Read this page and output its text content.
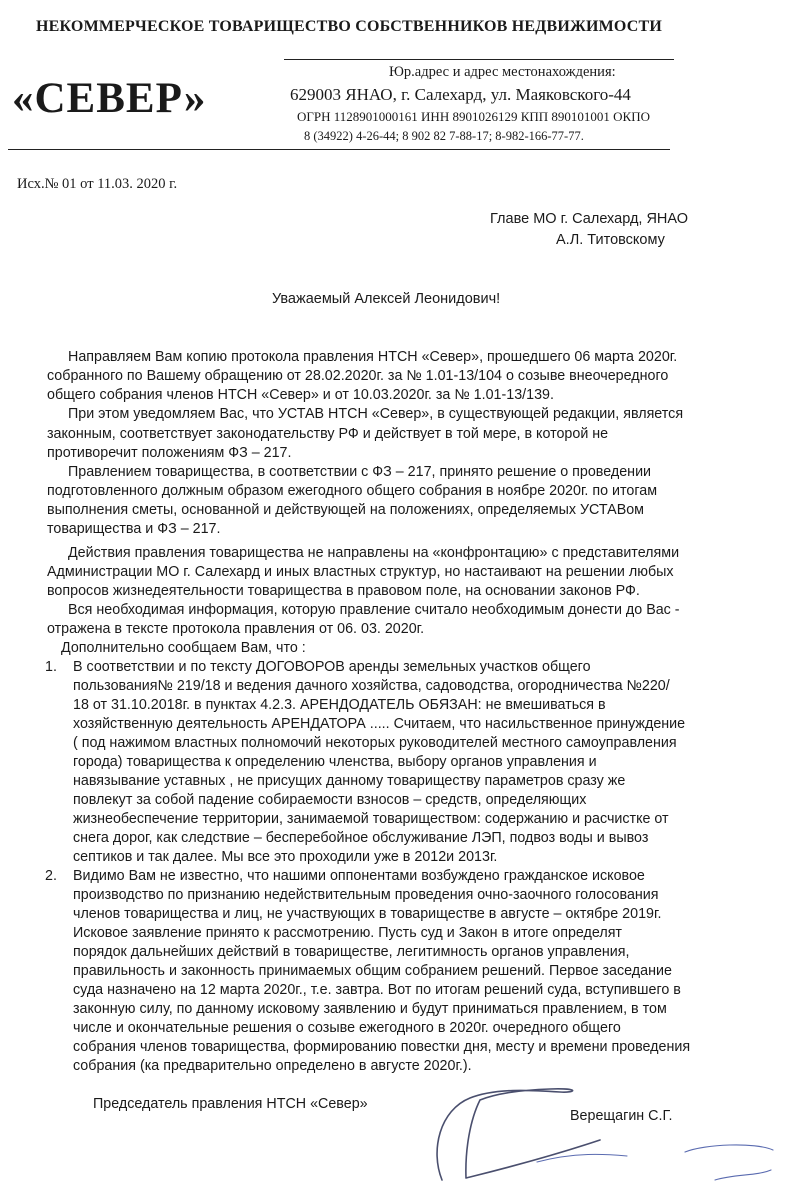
НЕКОММЕРЧЕСКОЕ ТОВАРИЩЕСТВО СОБСТВЕННИКОВ НЕДВИЖИМОСТИ
«СЕВЕР»
Юр.адрес и адрес местонахождения:
629003 ЯНАО, г. Салехард, ул. Маяковского-44
ОГРН 1128901000161 ИНН 8901026129 КПП 890101001 ОКПО
8 (34922) 4-26-44; 8 902 82 7-88-17; 8-982-166-77-77.
Исх.№ 01 от 11.03. 2020 г.
Главе МО г. Салехард, ЯНАО
А.Л. Титовскому
Уважаемый Алексей Леонидович!
Направляем Вам копию протокола правления НТСН «Север», прошедшего 06 марта 2020г.
собранного по Вашему обращению от 28.02.2020г. за № 1.01-13/104 о созыве внеочередного
общего собрания членов НТСН «Север» и от 10.03.2020г. за № 1.01-13/139.
При этом уведомляем Вас, что УСТАВ НТСН «Север», в существующей редакции, является
законным, соответствует законодательству РФ и действует в той мере, в которой не
противоречит положениям ФЗ – 217.
Правлением товарищества, в соответствии с ФЗ – 217, принято решение о проведении
подготовленного должным образом ежегодного общего собрания в ноябре 2020г. по итогам
выполнения сметы, основанной и действующей на положениях, определяемых УСТАВом
товарищества и ФЗ – 217.
Действия правления товарищества не направлены на «конфронтацию» с представителями
Администрации МО г. Салехард и иных властных структур, но настаивают на решении любых
вопросов жизнедеятельности товарищества в правовом поле, на основании законов РФ.
Вся необходимая информация, которую правление считало необходимым донести до Вас -
отражена в тексте протокола правления от 06. 03. 2020г.
Дополнительно сообщаем Вам, что :
1. В соответствии и по тексту ДОГОВОРОВ аренды земельных участков общего
пользования№ 219/18 и ведения дачного хозяйства, садоводства, огородничества №220/
18 от 31.10.2018г. в пунктах 4.2.3. АРЕНДОДАТЕЛЬ ОБЯЗАН: не вмешиваться в
хозяйственную деятельность АРЕНДАТОРА ..... Считаем, что насильственное принуждение
( под нажимом властных полномочий некоторых руководителей местного самоуправления
города) товарищества к определению членства, выбору органов управления и
навязывание уставных , не присущих данному товариществу параметров сразу же
повлекут за собой падение собираемости взносов – средств, определяющих
жизнеобеспечение территории, занимаемой товариществом: содержанию и расчистке от
снега дорог, как следствие – бесперебойное обслуживание ЛЭП, подвоз воды и вывоз
септиков и так далее. Мы все это проходили уже в 2012и 2013г.
2. Видимо Вам не известно, что нашими оппонентами возбуждено гражданское исковое
производство по признанию недействительным проведения очно-заочного голосования
членов товарищества и лиц, не участвующих в товариществе в августе – октябре 2019г.
Исковое заявление принято к рассмотрению. Пусть суд и Закон в итоге определят
порядок дальнейших действий в товариществе, легитимность органов управления,
правильность и законность принимаемых общим собранием решений. Первое заседание
суда назначено на 12 марта 2020г., т.е. завтра. Вот по итогам решений суда, вступившего в
законную силу, по данному исковому заявлению и будут приниматься правлением, в том
числе и окончательные решения о созыве ежегодного в 2020г. очередного общего
собрания членов товарищества, формированию повестки дня, месту и времени проведения
собрания (ка предварительно определено в августе 2020г.).
Председатель правления НТСН «Север»
Верещагин С.Г.
